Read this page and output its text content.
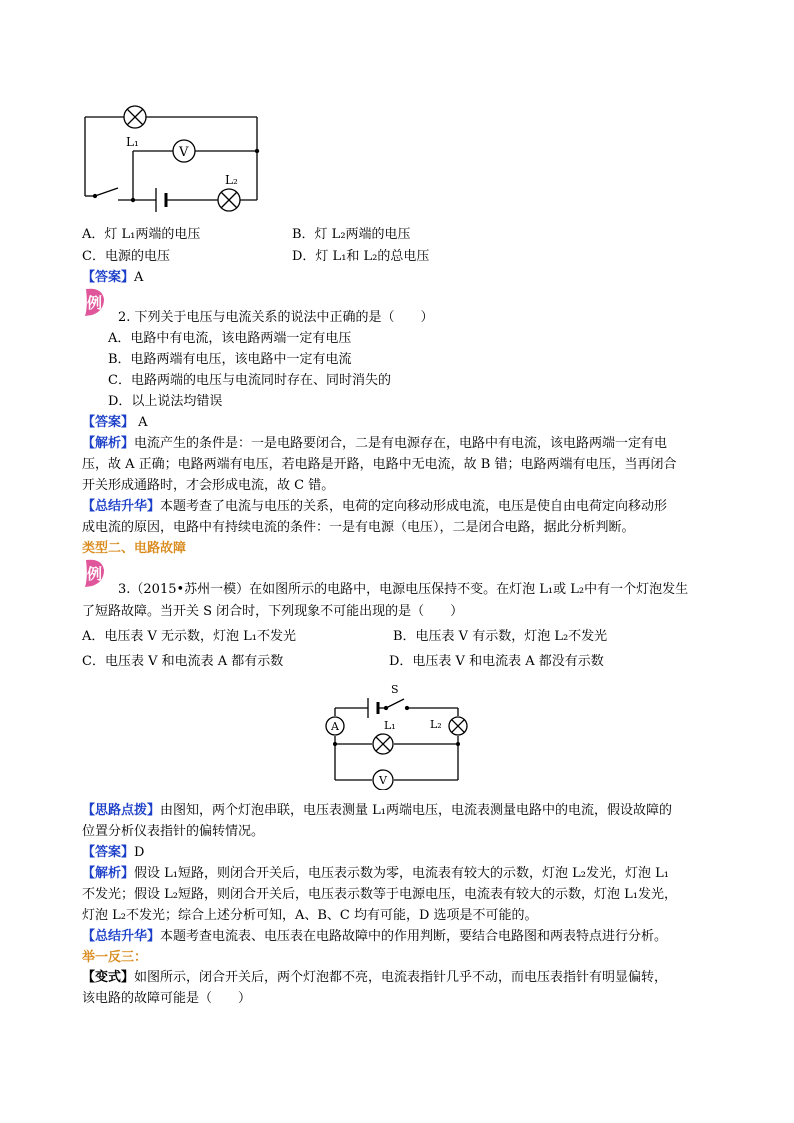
V
L₁
L₂
A．灯 L₁两端的电压	B．灯 L₂两端的电压
C．电源的电压	D．灯 L₁和 L₂的总电压
【答案】A
例
2. 下列关于电压与电流关系的说法中正确的是（　　）
A．电路中有电流，该电路两端一定有电压
B．电路两端有电压，该电路中一定有电流
C．电路两端的电压与电流同时存在、同时消失的
D．以上说法均错误
【答案】 A
【解析】电流产生的条件是：一是电路要闭合，二是有电源存在，电路中有电流，该电路两端一定有电
压，故 A 正确；电路两端有电压，若电路是开路，电路中无电流，故 B 错；电路两端有电压，当再闭合
开关形成通路时，才会形成电流，故 C 错。
【总结升华】本题考查了电流与电压的关系，电荷的定向移动形成电流，电压是使自由电荷定向移动形
成电流的原因，电路中有持续电流的条件：一是有电源（电压），二是闭合电路，据此分析判断。
类型二、电路故障
例
3.（2015•苏州一模）在如图所示的电路中，电源电压保持不变。在灯泡 L₁或 L₂中有一个灯泡发生
了短路故障。当开关 S 闭合时，下列现象不可能出现的是（　　）
A．电压表 V 无示数，灯泡 L₁不发光	B．电压表 V 有示数，灯泡 L₂不发光
C．电压表 V 和电流表 A 都有示数	D．电压表 V 和电流表 A 都没有示数
S
A	L₂
L₁
V
【思路点拨】由图知，两个灯泡串联，电压表测量 L₁两端电压，电流表测量电路中的电流，假设故障的
位置分析仪表指针的偏转情况。
【答案】D
【解析】假设 L₁短路，则闭合开关后，电压表示数为零，电流表有较大的示数，灯泡 L₂发光，灯泡 L₁
不发光；假设 L₂短路，则闭合开关后，电压表示数等于电源电压，电流表有较大的示数，灯泡 L₁发光，
灯泡 L₂不发光；综合上述分析可知，A、B、C 均有可能，D 选项是不可能的。
【总结升华】本题考查电流表、电压表在电路故障中的作用判断，要结合电路图和两表特点进行分析。
举一反三：
【变式】如图所示，闭合开关后，两个灯泡都不亮，电流表指针几乎不动，而电压表指针有明显偏转，
该电路的故障可能是（　　）
